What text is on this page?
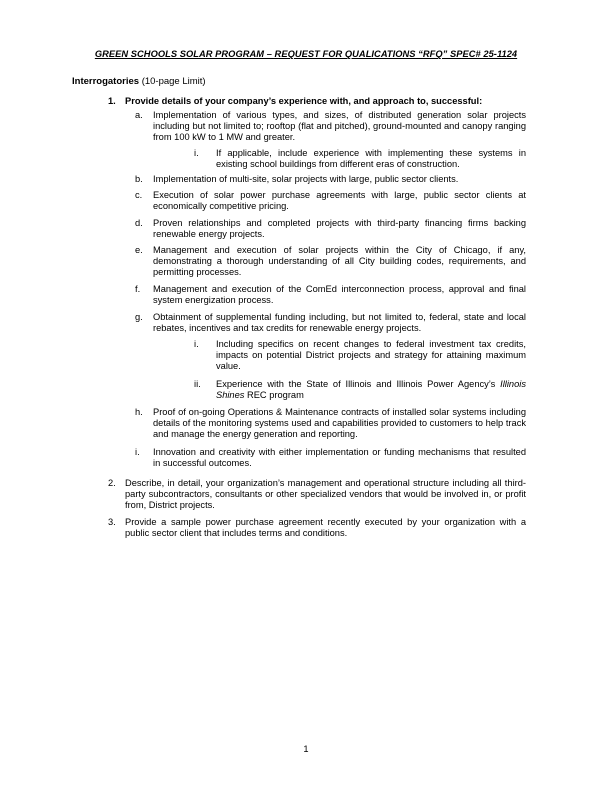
GREEN SCHOOLS SOLAR PROGRAM – REQUEST FOR QUALICATIONS “RFQ” SPEC# 25-1124
Interrogatories (10-page Limit)
1. Provide details of your company’s experience with, and approach to, successful:
a. Implementation of various types, and sizes, of distributed generation solar projects including but not limited to; rooftop (flat and pitched), ground-mounted and canopy ranging from 100 kW to 1 MW and greater.
i. If applicable, include experience with implementing these systems in existing school buildings from different eras of construction.
b. Implementation of multi-site, solar projects with large, public sector clients.
c. Execution of solar power purchase agreements with large, public sector clients at economically competitive pricing.
d. Proven relationships and completed projects with third-party financing firms backing renewable energy projects.
e. Management and execution of solar projects within the City of Chicago, if any, demonstrating a thorough understanding of all City building codes, requirements, and permitting processes.
f. Management and execution of the ComEd interconnection process, approval and final system energization process.
g. Obtainment of supplemental funding including, but not limited to, federal, state and local rebates, incentives and tax credits for renewable energy projects.
i. Including specifics on recent changes to federal investment tax credits, impacts on potential District projects and strategy for attaining maximum value.
ii. Experience with the State of Illinois and Illinois Power Agency’s Illinois Shines REC program
h. Proof of on-going Operations & Maintenance contracts of installed solar systems including details of the monitoring systems used and capabilities provided to customers to help track and manage the energy generation and reporting.
i. Innovation and creativity with either implementation or funding mechanisms that resulted in successful outcomes.
2. Describe, in detail, your organization’s management and operational structure including all third-party subcontractors, consultants or other specialized vendors that would be involved in, or profit from, District projects.
3. Provide a sample power purchase agreement recently executed by your organization with a public sector client that includes terms and conditions.
1
